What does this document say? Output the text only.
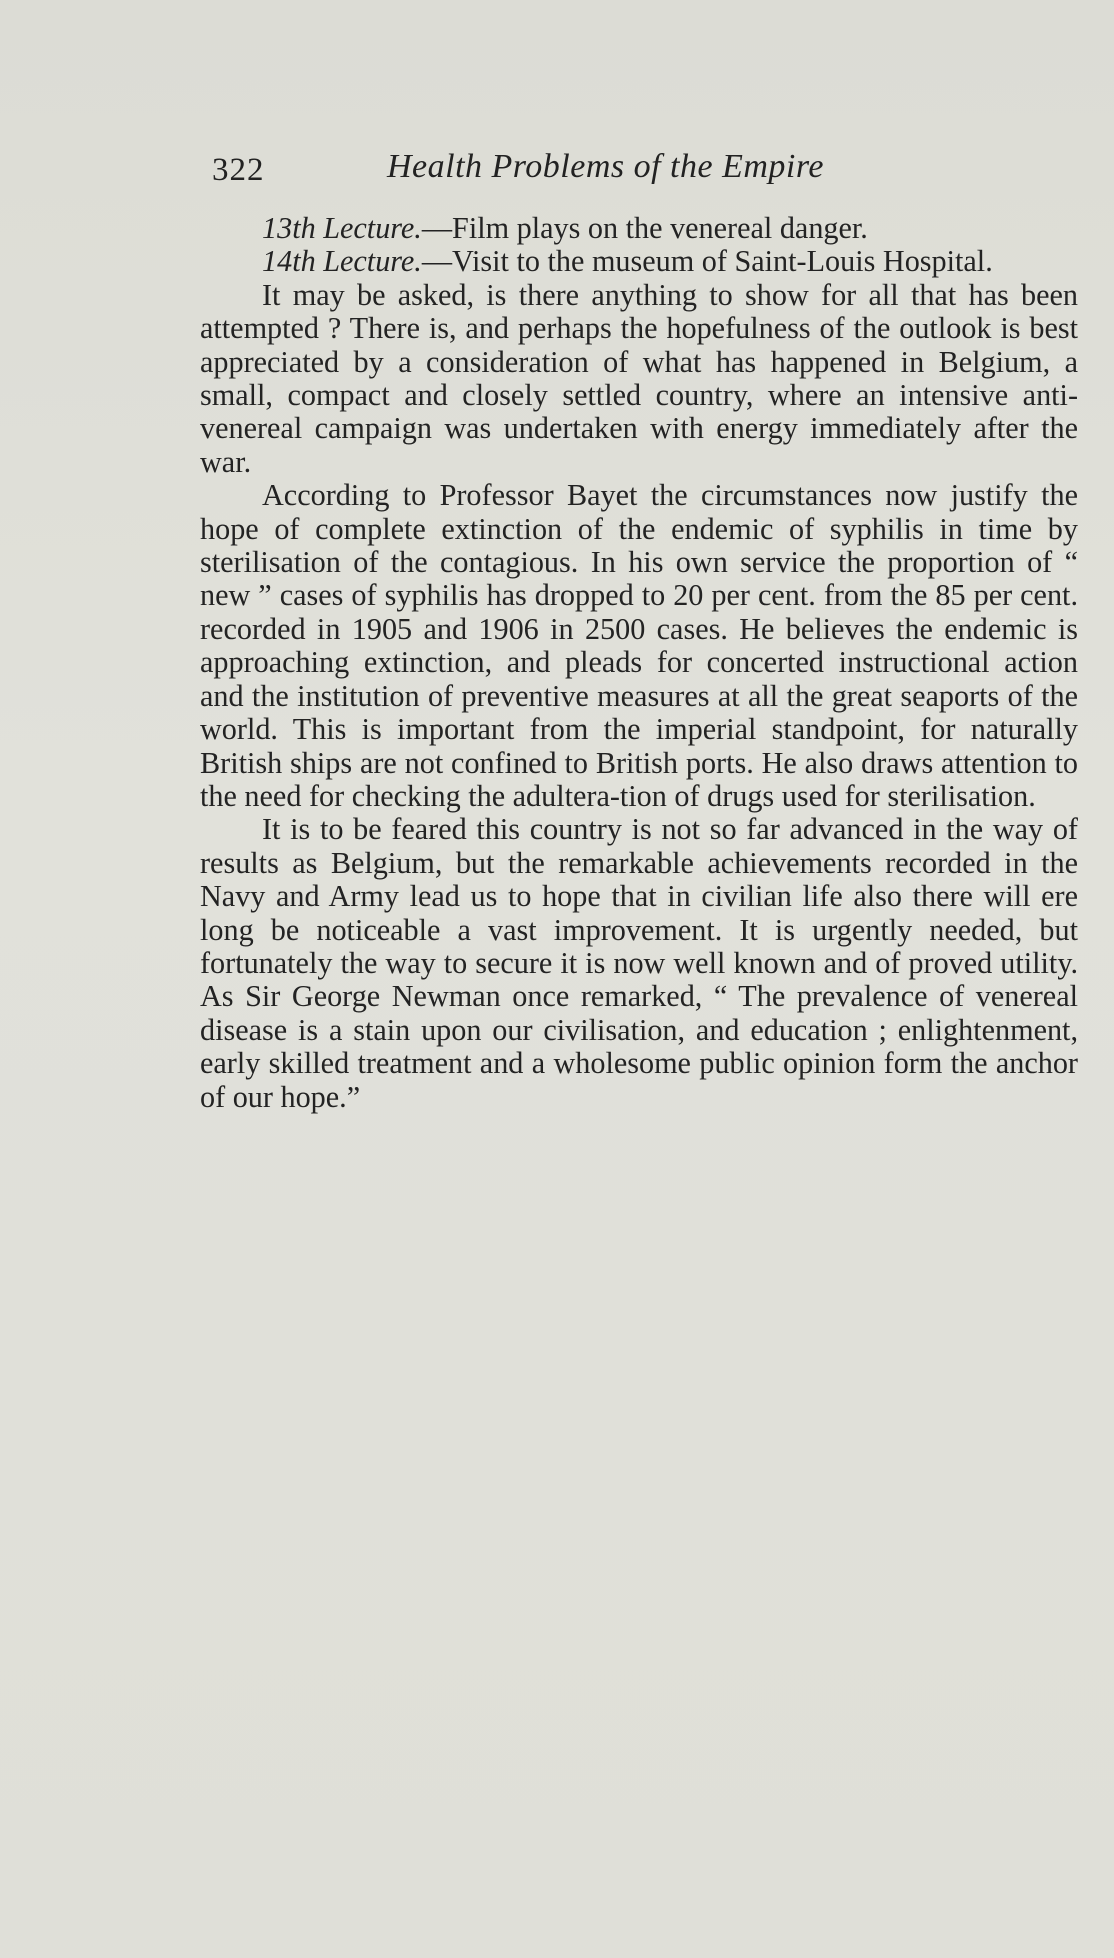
322	Health Problems of the Empire

13th Lecture.—Film plays on the venereal danger.

14th Lecture.—Visit to the museum of Saint-Louis Hospital.

It may be asked, is there anything to show for all that has been attempted ? There is, and perhaps the hopefulness of the outlook is best appreciated by a consideration of what has happened in Belgium, a small, compact and closely settled country, where an intensive anti-venereal campaign was undertaken with energy immediately after the war.

According to Professor Bayet the circumstances now justify the hope of complete extinction of the endemic of syphilis in time by sterilisation of the contagious. In his own service the proportion of “ new ” cases of syphilis has dropped to 20 per cent. from the 85 per cent. recorded in 1905 and 1906 in 2500 cases. He believes the endemic is approaching extinction, and pleads for concerted instructional action and the institution of preventive measures at all the great seaports of the world. This is important from the imperial standpoint, for naturally British ships are not confined to British ports. He also draws attention to the need for checking the adultera-tion of drugs used for sterilisation.

It is to be feared this country is not so far advanced in the way of results as Belgium, but the remarkable achievements recorded in the Navy and Army lead us to hope that in civilian life also there will ere long be noticeable a vast improvement. It is urgently needed, but fortunately the way to secure it is now well known and of proved utility. As Sir George Newman once remarked, “ The prevalence of venereal disease is a stain upon our civilisation, and education ; enlightenment, early skilled treatment and a wholesome public opinion form the anchor of our hope.”
